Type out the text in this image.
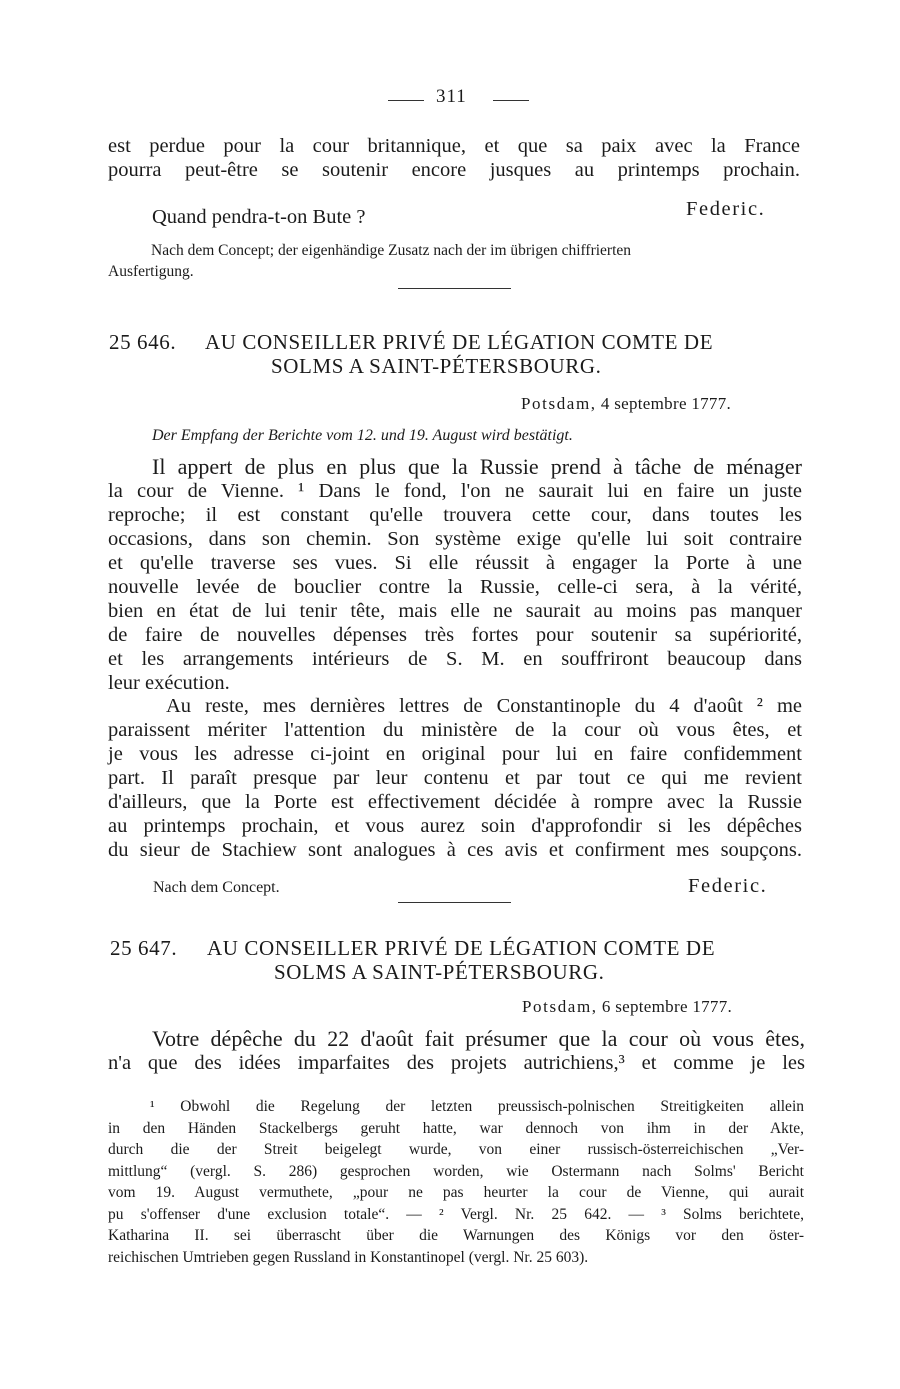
311
est perdue pour la cour britannique, et que sa paix avec la France
pourra peut-être se soutenir encore jusques au printemps prochain.
Quand pendra-t-on Bute ?	Federic.
Nach dem Concept; der eigenhändige Zusatz nach der im übrigen chiffrierten
Ausfertigung.
25 646. AU CONSEILLER PRIVÉ DE LÉGATION COMTE DE
SOLMS A SAINT-PÉTERSBOURG.
Potsdam, 4 septembre 1777.
Der Empfang der Berichte vom 12. und 19. August wird bestätigt.
Il appert de plus en plus que la Russie prend à tâche de ménager
la cour de Vienne. ¹ Dans le fond, l'on ne saurait lui en faire un juste
reproche; il est constant qu'elle trouvera cette cour, dans toutes les
occasions, dans son chemin. Son système exige qu'elle lui soit contraire
et qu'elle traverse ses vues. Si elle réussit à engager la Porte à une
nouvelle levée de bouclier contre la Russie, celle-ci sera, à la vérité,
bien en état de lui tenir tête, mais elle ne saurait au moins pas manquer
de faire de nouvelles dépenses très fortes pour soutenir sa supériorité,
et les arrangements intérieurs de S. M. en souffriront beaucoup dans
leur exécution.
Au reste, mes dernières lettres de Constantinople du 4 d'août ² me
paraissent mériter l'attention du ministère de la cour où vous êtes, et
je vous les adresse ci-joint en original pour lui en faire confidemment
part. Il paraît presque par leur contenu et par tout ce qui me revient
d'ailleurs, que la Porte est effectivement décidée à rompre avec la Russie
au printemps prochain, et vous aurez soin d'approfondir si les dépêches
du sieur de Stachiew sont analogues à ces avis et confirment mes soupçons.
Nach dem Concept.	Federic.
25 647. AU CONSEILLER PRIVÉ DE LÉGATION COMTE DE
SOLMS A SAINT-PÉTERSBOURG.
Potsdam, 6 septembre 1777.
Votre dépêche du 22 d'août fait présumer que la cour où vous êtes,
n'a que des idées imparfaites des projets autrichiens,³ et comme je les
¹ Obwohl die Regelung der letzten preussisch-polnischen Streitigkeiten allein
in den Händen Stackelbergs geruht hatte, war dennoch von ihm in der Akte,
durch die der Streit beigelegt wurde, von einer russisch-österreichischen „Ver-
mittlung“ (vergl. S. 286) gesprochen worden, wie Ostermann nach Solms' Bericht
vom 19. August vermuthete, „pour ne pas heurter la cour de Vienne, qui aurait
pu s'offenser d'une exclusion totale“. — ² Vergl. Nr. 25 642. — ³ Solms berichtete,
Katharina II. sei überrascht über die Warnungen des Königs vor den öster-
reichischen Umtrieben gegen Russland in Konstantinopel (vergl. Nr. 25 603).
